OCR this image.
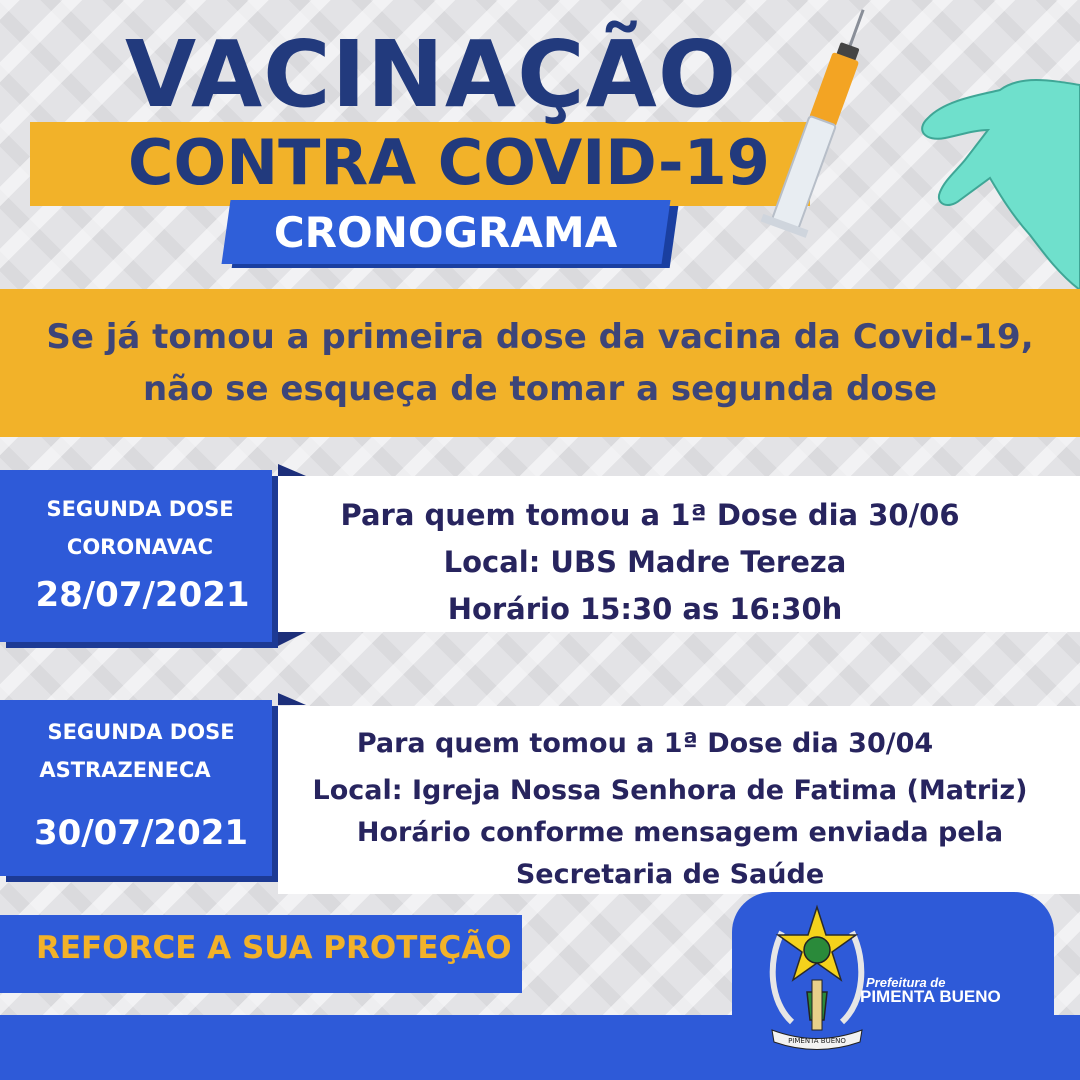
VACINAÇÃO
CONTRA COVID-19
CRONOGRAMA
Se já tomou a primeira dose da vacina da Covid-19,
não se esqueça de tomar a segunda dose
SEGUNDA DOSE
CORONAVAC
28/07/2021
Para quem tomou a 1ª Dose dia 30/06
Local: UBS Madre Tereza
Horário 15:30 as 16:30h
SEGUNDA DOSE
ASTRAZENECA
30/07/2021
Para quem tomou a 1ª Dose dia 30/04
Local: Igreja Nossa Senhora de Fatima (Matriz)
Horário conforme mensagem enviada pela
Secretaria de Saúde
REFORCE A SUA PROTEÇÃO
PIMENTA BUENO
Prefeitura de
PIMENTA BUENO
